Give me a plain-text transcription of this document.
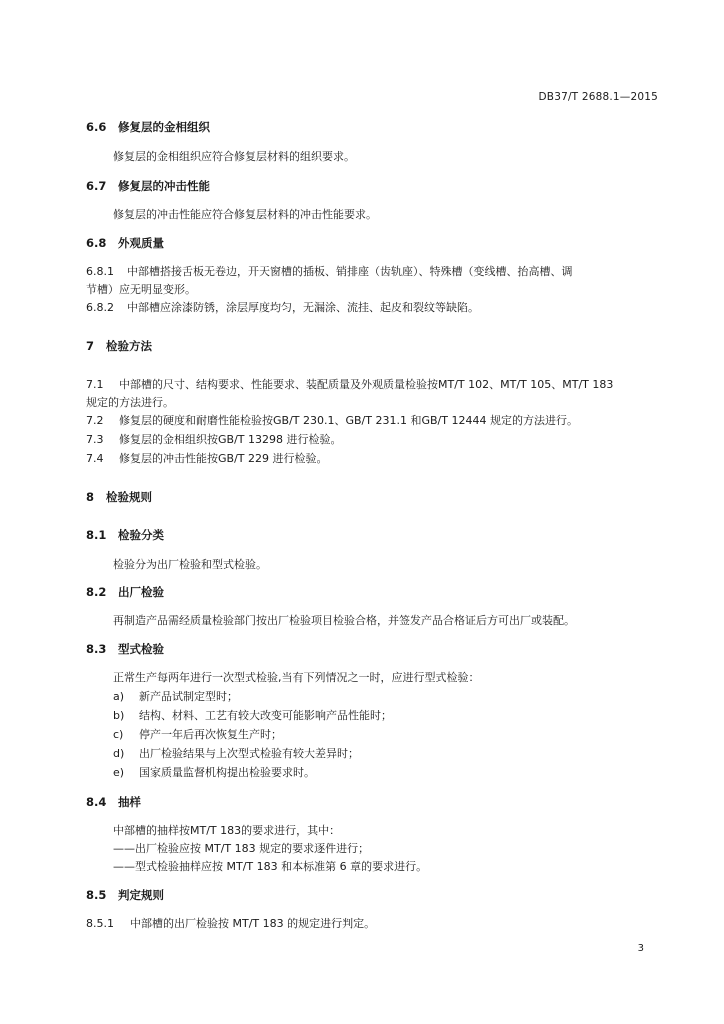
DB37/T 2688.1—2015
6.6 修复层的金相组织
修复层的金相组织应符合修复层材料的组织要求。
6.7 修复层的冲击性能
修复层的冲击性能应符合修复层材料的冲击性能要求。
6.8 外观质量
6.8.1 中部槽搭接舌板无卷边，开天窗槽的插板、销排座（齿轨座）、特殊槽（变线槽、抬高槽、调
节槽）应无明显变形。
6.8.2 中部槽应涂漆防锈，涂层厚度均匀，无漏涂、流挂、起皮和裂纹等缺陷。
7 检验方法
7.1 中部槽的尺寸、结构要求、性能要求、装配质量及外观质量检验按MT/T 102、MT/T 105、MT/T 183
规定的方法进行。
7.2 修复层的硬度和耐磨性能检验按GB/T 230.1、GB/T 231.1 和GB/T 12444 规定的方法进行。
7.3 修复层的金相组织按GB/T 13298 进行检验。
7.4 修复层的冲击性能按GB/T 229 进行检验。
8 检验规则
8.1 检验分类
检验分为出厂检验和型式检验。
8.2 出厂检验
再制造产品需经质量检验部门按出厂检验项目检验合格，并签发产品合格证后方可出厂或装配。
8.3 型式检验
正常生产每两年进行一次型式检验,当有下列情况之一时，应进行型式检验：
a) 新产品试制定型时；
b) 结构、材料、工艺有较大改变可能影响产品性能时；
c) 停产一年后再次恢复生产时；
d) 出厂检验结果与上次型式检验有较大差异时；
e) 国家质量监督机构提出检验要求时。
8.4 抽样
中部槽的抽样按MT/T 183的要求进行，其中：
——出厂检验应按 MT/T 183 规定的要求逐件进行；
——型式检验抽样应按 MT/T 183 和本标准第 6 章的要求进行。
8.5 判定规则
8.5.1 中部槽的出厂检验按 MT/T 183 的规定进行判定。
3
